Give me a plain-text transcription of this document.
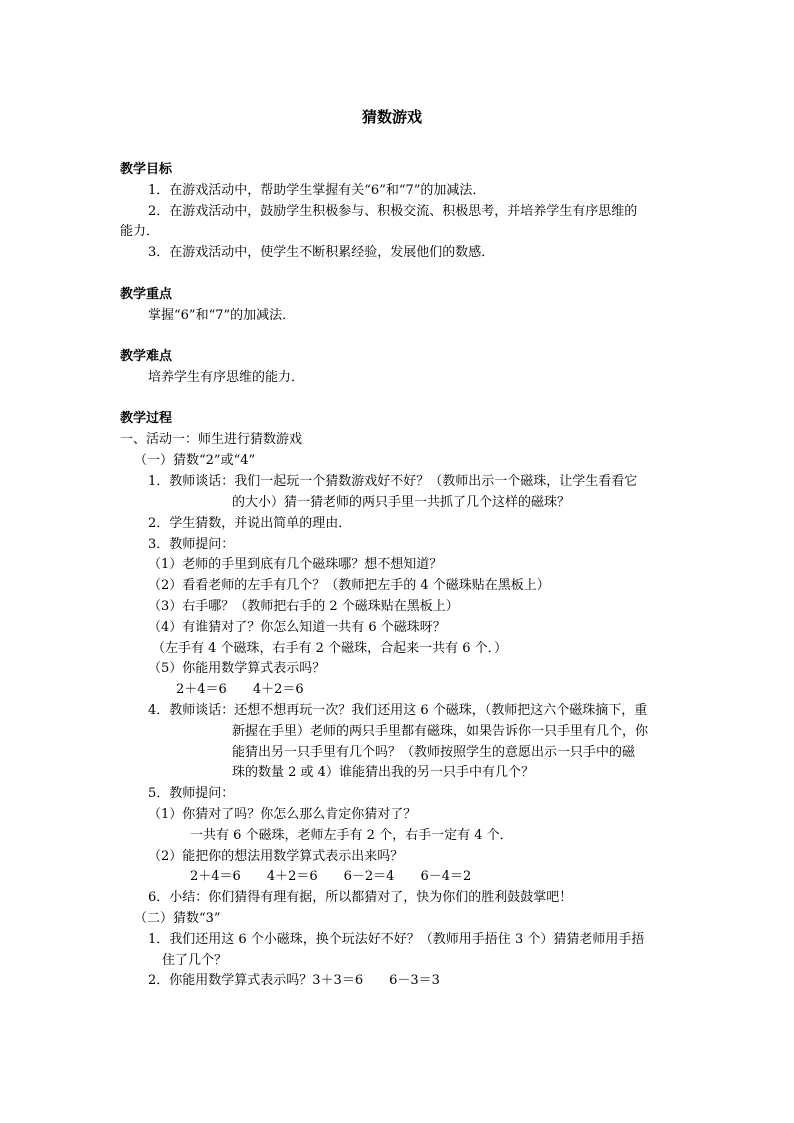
猜数游戏
教学目标
1．在游戏活动中，帮助学生掌握有关“6”和“7”的加减法．
2．在游戏活动中，鼓励学生积极参与、积极交流、积极思考，并培养学生有序思维的
能力．
3．在游戏活动中，使学生不断积累经验，发展他们的数感．
教学重点
掌握“6”和“7”的加减法．
教学难点
培养学生有序思维的能力．
教学过程
一、活动一：师生进行猜数游戏
（一）猜数“2”或“4”
1．教师谈话：我们一起玩一个猜数游戏好不好？（教师出示一个磁珠，让学生看看它
的大小）猜一猜老师的两只手里一共抓了几个这样的磁珠？
2．学生猜数，并说出简单的理由．
3．教师提问：
（1）老师的手里到底有几个磁珠哪？想不想知道？
（2）看看老师的左手有几个？（教师把左手的 4 个磁珠贴在黑板上）
（3）右手哪？（教师把右手的 2 个磁珠贴在黑板上）
（4）有谁猜对了？你怎么知道一共有 6 个磁珠呀？
（左手有 4 个磁珠，右手有 2 个磁珠，合起来一共有 6 个．）
（5）你能用数学算式表示吗？
2＋4＝6　　4＋2＝6
4．教师谈话：还想不想再玩一次？我们还用这 6 个磁珠，（教师把这六个磁珠摘下，重
新握在手里）老师的两只手里都有磁珠，如果告诉你一只手里有几个，你
能猜出另一只手里有几个吗？（教师按照学生的意愿出示一只手中的磁
珠的数量 2 或 4）谁能猜出我的另一只手中有几个？
5．教师提问：
（1）你猜对了吗？你怎么那么肯定你猜对了？
一共有 6 个磁珠，老师左手有 2 个，右手一定有 4 个．
（2）能把你的想法用数学算式表示出来吗？
2＋4＝6　　4＋2＝6　　6－2＝4　　6－4＝2
6．小结：你们猜得有理有据，所以都猜对了，快为你们的胜利鼓鼓掌吧！
（二）猜数“3”
1．我们还用这 6 个小磁珠，换个玩法好不好？（教师用手捂住 3 个）猜猜老师用手捂
住了几个？
2．你能用数学算式表示吗？3＋3＝6　　6－3＝3
